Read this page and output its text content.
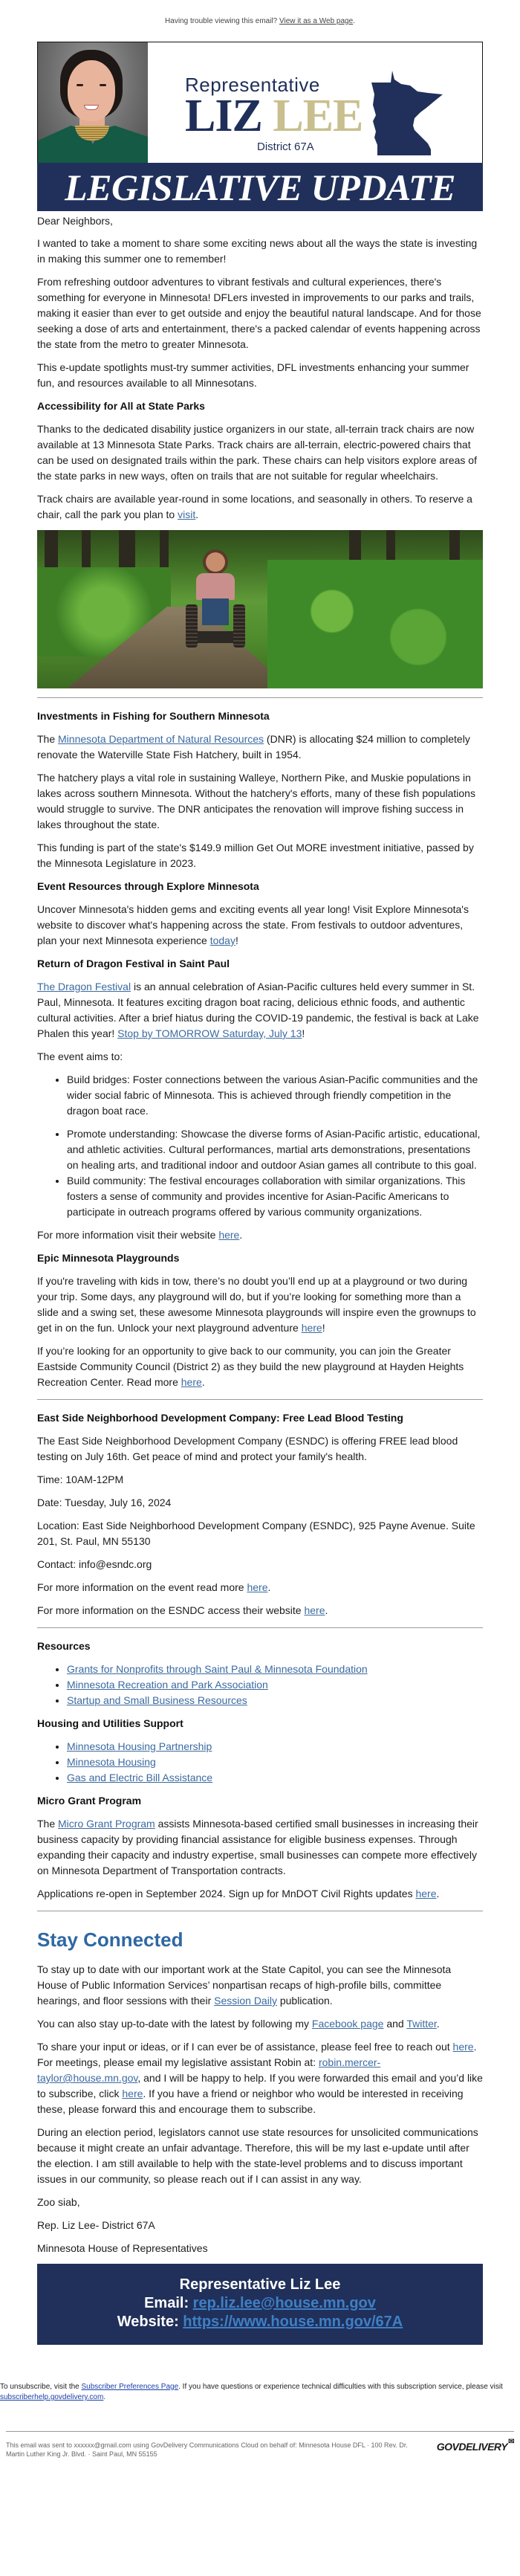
Having trouble viewing this email?
View it as a Web page .
Representative
LIZ LEE
District 67A
LEGISLATIVE UPDATE

Dear Neighbors,

I wanted to take a moment to share some exciting news about all the ways the state is investing in making this summer one to remember!

From refreshing outdoor adventures to vibrant festivals and cultural experiences, there's something for everyone in Minnesota! DFLers invested in improvements to our parks and trails, making it easier than ever to get outside and enjoy the beautiful natural landscape. And for those seeking a dose of arts and entertainment, there's a packed calendar of events happening across the state from the metro to greater Minnesota.

This e-update spotlights must-try summer activities, DFL investments enhancing your summer fun, and resources available to all Minnesotans.

Accessibility for All at State Parks

Thanks to the dedicated disability justice organizers in our state, all-terrain track chairs are now available at 13 Minnesota State Parks. Track chairs are all-terrain, electric-powered chairs that can be used on designated trails within the park. These chairs can help visitors explore areas of the state parks in new ways, often on trails that are not suitable for regular wheelchairs.

Track chairs are available year-round in some locations, and seasonally in others. To reserve a chair, call the park you plan to visit.

Investments in Fishing for Southern Minnesota

The Minnesota Department of Natural Resources (DNR) is allocating $24 million to completely renovate the Waterville State Fish Hatchery, built in 1954.

The hatchery plays a vital role in sustaining Walleye, Northern Pike, and Muskie populations in lakes across southern Minnesota. Without the hatchery's efforts, many of these fish populations would struggle to survive. The DNR anticipates the renovation will improve fishing success in lakes throughout the state.

This funding is part of the state's $149.9 million Get Out MORE investment initiative, passed by the Minnesota Legislature in 2023.

Event Resources through Explore Minnesota

Uncover Minnesota's hidden gems and exciting events all year long! Visit Explore Minnesota's website to discover what's happening across the state. From festivals to outdoor adventures, plan your next Minnesota experience today!

Return of Dragon Festival in Saint Paul

The Dragon Festival is an annual celebration of Asian-Pacific cultures held every summer in St. Paul, Minnesota. It features exciting dragon boat racing, delicious ethnic foods, and authentic cultural activities. After a brief hiatus during the COVID-19 pandemic, the festival is back at Lake Phalen this year! Stop by TOMORROW Saturday, July 13!

The event aims to:

• Build bridges: Foster connections between the various Asian-Pacific communities and the wider social fabric of Minnesota. This is achieved through friendly competition in the dragon boat race.
• Promote understanding: Showcase the diverse forms of Asian-Pacific artistic, educational, and athletic activities. Cultural performances, martial arts demonstrations, presentations on healing arts, and traditional indoor and outdoor Asian games all contribute to this goal.
• Build community: The festival encourages collaboration with similar organizations. This fosters a sense of community and provides incentive for Asian-Pacific Americans to participate in outreach programs offered by various community organizations.

For more information visit their website here.

Epic Minnesota Playgrounds

If you're traveling with kids in tow, there’s no doubt you’ll end up at a playground or two during your trip. Some days, any playground will do, but if you’re looking for something more than a slide and a swing set, these awesome Minnesota playgrounds will inspire even the grownups to get in on the fun. Unlock your next playground adventure here!

If you’re looking for an opportunity to give back to our community, you can join the Greater Eastside Community Council (District 2) as they build the new playground at Hayden Heights Recreation Center. Read more here.

East Side Neighborhood Development Company: Free Lead Blood Testing

The East Side Neighborhood Development Company (ESNDC) is offering FREE lead blood testing on July 16th. Get peace of mind and protect your family's health.

Time: 10AM-12PM

Date: Tuesday, July 16, 2024

Location: East Side Neighborhood Development Company (ESNDC), 925 Payne Avenue. Suite 201, St. Paul, MN 55130

Contact: info@esndc.org

For more information on the event read more here.

For more information on the ESNDC access their website here.

Resources
• Grants for Nonprofits through Saint Paul & Minnesota Foundation
• Minnesota Recreation and Park Association
• Startup and Small Business Resources
Housing and Utilities Support
• Minnesota Housing Partnership
• Minnesota Housing
• Gas and Electric Bill Assistance
Micro Grant Program

The Micro Grant Program assists Minnesota-based certified small businesses in increasing their business capacity by providing financial assistance for eligible business expenses. Through expanding their capacity and industry expertise, small businesses can compete more effectively on Minnesota Department of Transportation contracts.

Applications re-open in September 2024. Sign up for MnDOT Civil Rights updates here.

Stay Connected

To stay up to date with our important work at the State Capitol, you can see the Minnesota House of Public Information Services’ nonpartisan recaps of high-profile bills, committee hearings, and floor sessions with their Session Daily publication.

You can also stay up-to-date with the latest by following my Facebook page and Twitter.

To share your input or ideas, or if I can ever be of assistance, please feel free to reach out here. For meetings, please email my legislative assistant Robin at: robin.mercer-taylor@house.mn.gov, and I will be happy to help. If you were forwarded this email and you’d like to subscribe, click here. If you have a friend or neighbor who would be interested in receiving these, please forward this and encourage them to subscribe.

During an election period, legislators cannot use state resources for unsolicited communications because it might create an unfair advantage. Therefore, this will be my last e-update until after the election. I am still available to help with the state-level problems and to discuss important issues in our community, so please reach out if I can assist in any way.

Zoo siab,

Rep. Liz Lee- District 67A

Minnesota House of Representatives

Representative Liz Lee
Email: rep.liz.lee@house.mn.gov
Website: https://www.house.mn.gov/67A
To unsubscribe, visit the Subscriber Preferences Page. If you have questions or experience technical difficulties with this subscription service, please visit subscriberhelp.govdelivery.com.
This email was sent to xxxxxx@gmail.com using GovDelivery Communications Cloud on behalf of: Minnesota House DFL · 100 Rev. Dr. Martin Luther King Jr. Blvd. · Saint Paul, MN 55155
GOVDELIVERY ✉
